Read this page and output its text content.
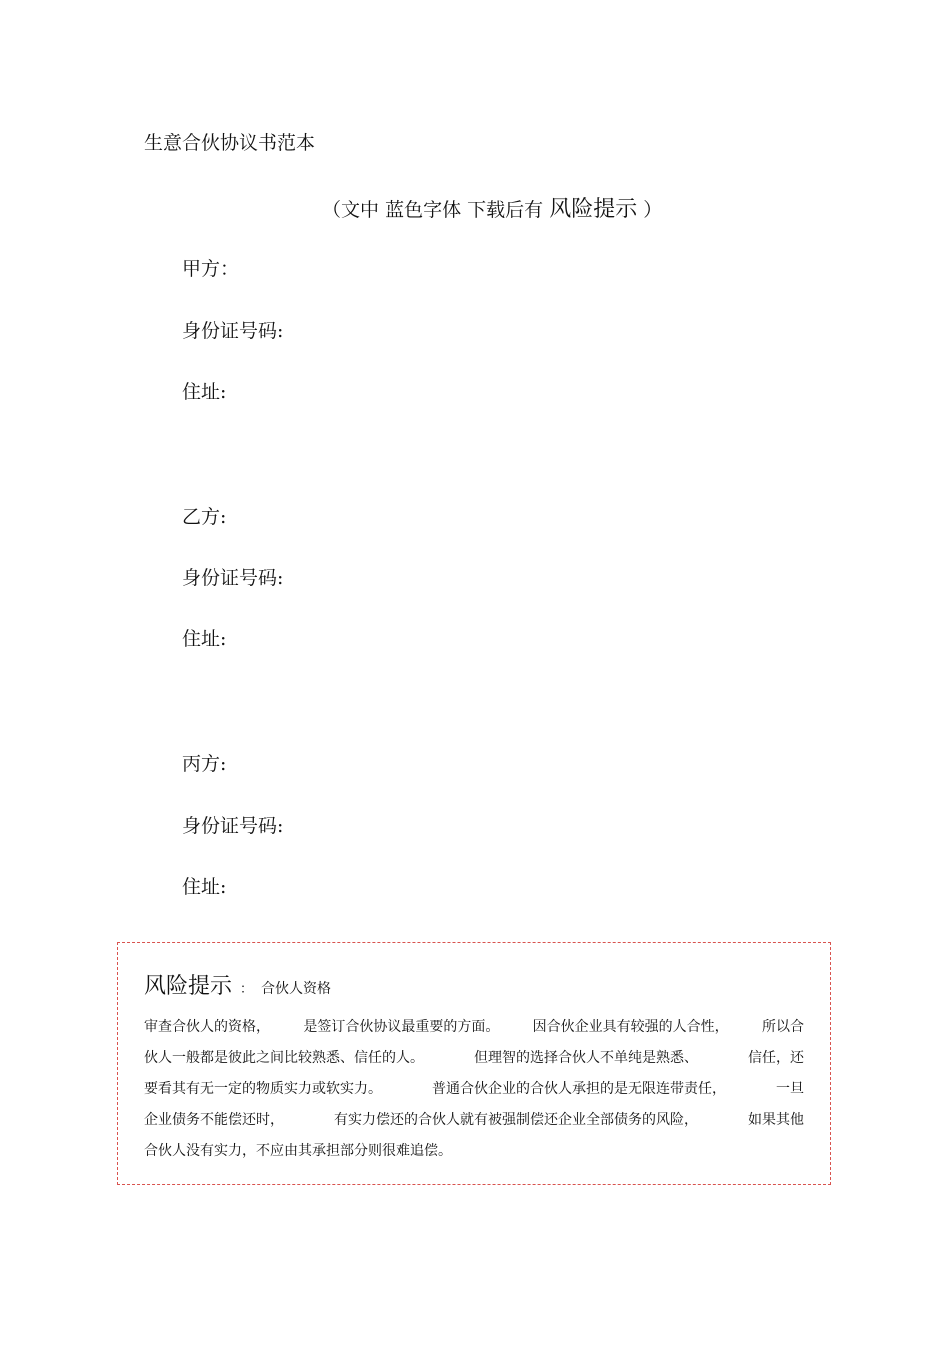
生意合伙协议书范本
（文中 蓝色字体 下载后有 风险提示 ）
甲方：
身份证号码:
住址:
乙方:
身份证号码:
住址:
丙方:
身份证号码:
住址:
风险提示 ： 合伙人资格
审查合伙人的资格， 是签订合伙协议最重要的方面。 因合伙企业具有较强的人合性， 所以合
伙人一般都是彼此之间比较熟悉、信任的人。	但理智的选择合伙人不单纯是熟悉、	信任，还
要看其有无一定的物质实力或软实力。	普通合伙企业的合伙人承担的是无限连带责任，	一旦
企业债务不能偿还时，	有实力偿还的合伙人就有被强制偿还企业全部债务的风险，	如果其他
合伙人没有实力，不应由其承担部分则很难追偿。
